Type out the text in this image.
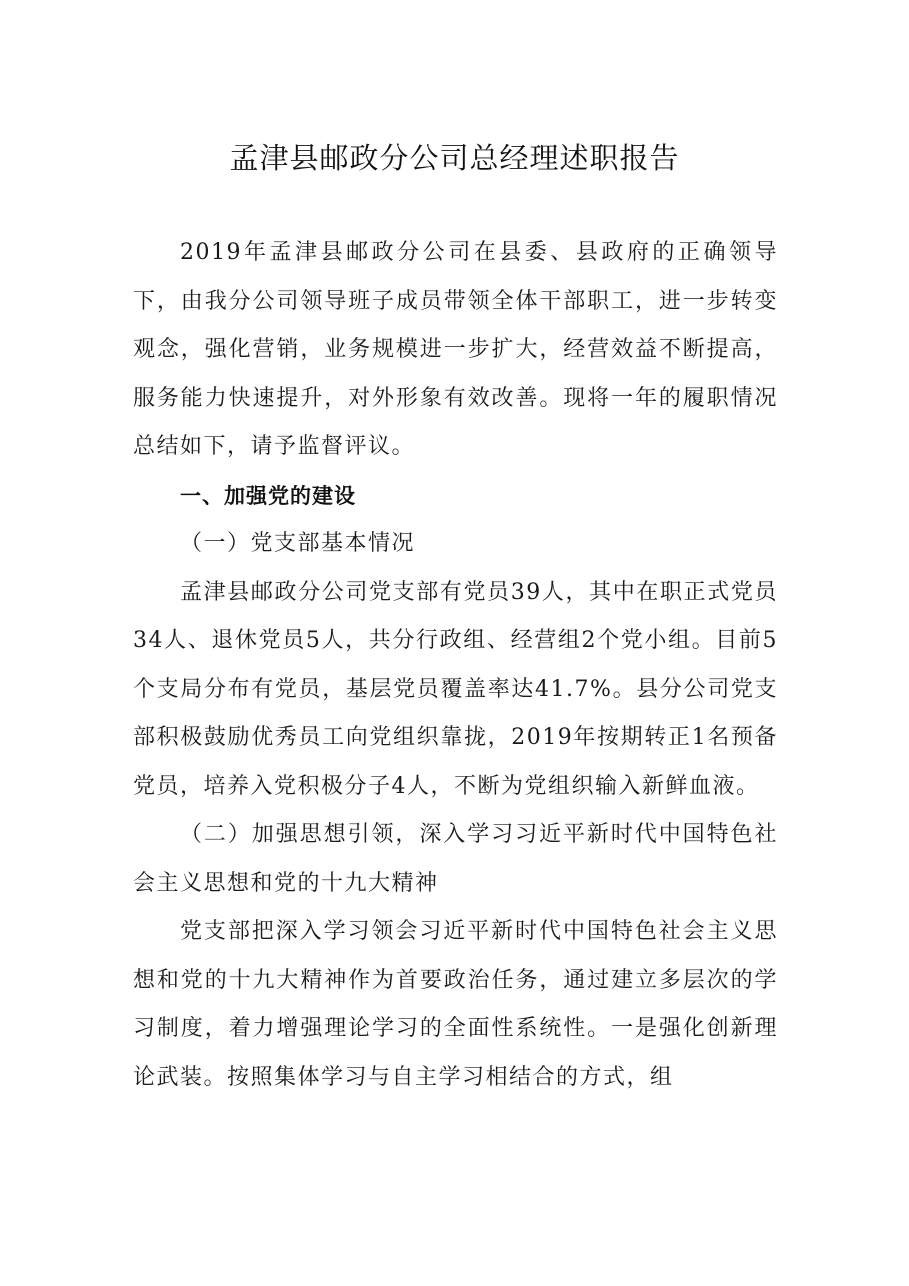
孟津县邮政分公司总经理述职报告

2019年孟津县邮政分公司在县委、县政府的正确领导下，由我分公司领导班子成员带领全体干部职工，进一步转变观念，强化营销，业务规模进一步扩大，经营效益不断提高，服务能力快速提升，对外形象有效改善。现将一年的履职情况总结如下，请予监督评议。

一、加强党的建设

（一）党支部基本情况

孟津县邮政分公司党支部有党员39人，其中在职正式党员34人、退休党员5人，共分行政组、经营组2个党小组。目前5个支局分布有党员，基层党员覆盖率达41.7%。县分公司党支部积极鼓励优秀员工向党组织靠拢，2019年按期转正1名预备党员，培养入党积极分子4人，不断为党组织输入新鲜血液。

（二）加强思想引领，深入学习习近平新时代中国特色社会主义思想和党的十九大精神

党支部把深入学习领会习近平新时代中国特色社会主义思想和党的十九大精神作为首要政治任务，通过建立多层次的学习制度，着力增强理论学习的全面性系统性。一是强化创新理论武装。按照集体学习与自主学习相结合的方式，组
